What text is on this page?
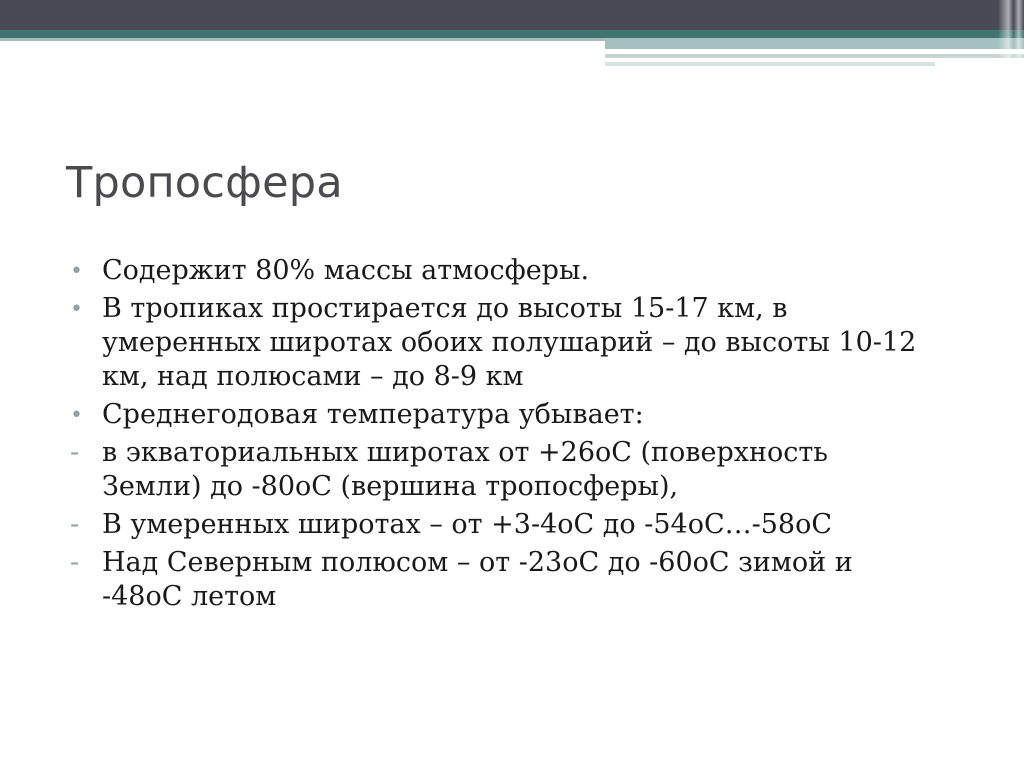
Тропосфера
• Содержит 80% массы атмосферы.
• В тропиках простирается до высоты 15-17 км, в умеренных широтах обоих полушарий – до высоты 10-12 км, над полюсами – до 8-9 км
• Среднегодовая температура убывает:
- в экваториальных широтах от +26оС (поверхность Земли) до -80оС (вершина тропосферы),
- В умеренных широтах – от +3-4оС до -54оС…-58оС
- Над Северным полюсом – от -23оС до -60оС зимой и -48оС летом
